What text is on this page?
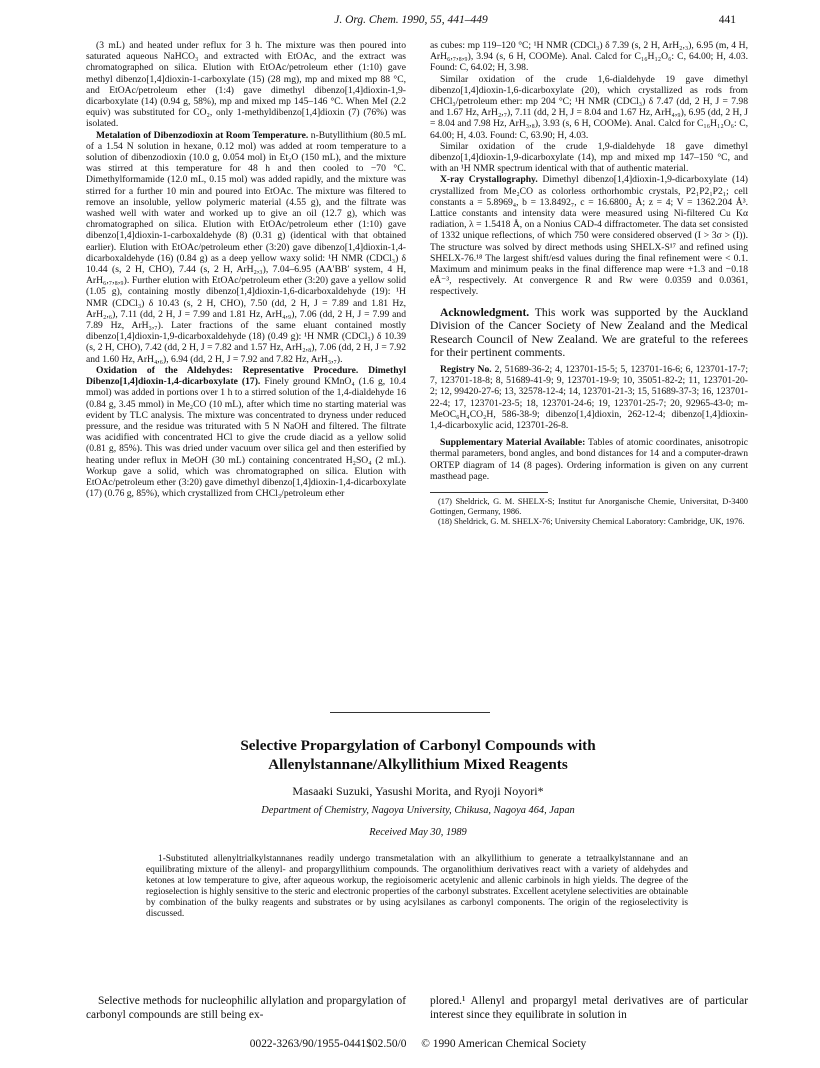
J. Org. Chem. 1990, 55, 441–449	441

(3 mL) and heated under reflux for 3 h. The mixture was then poured into saturated aqueous NaHCO₃ and extracted with EtOAc, and the extract was chromatographed on silica. Elution with EtOAc/petroleum ether (1:10) gave methyl dibenzo[1,4]dioxin-1-carboxylate (15) (28 mg), mp and mixed mp 88 °C, and EtOAc/petroleum ether (1:4) gave dimethyl dibenzo[1,4]dioxin-1,9-dicarboxylate (14) (0.94 g, 58%), mp and mixed mp 145–146 °C. When MeI (2.2 equiv) was substituted for CO₂, only 1-methyldibenzo[1,4]dioxin (7) (76%) was isolated.

Metalation of Dibenzodioxin at Room Temperature. n-Butyllithium (80.5 mL of a 1.54 N solution in hexane, 0.12 mol) was added at room temperature to a solution of dibenzodioxin (10.0 g, 0.054 mol) in Et₂O (150 mL), and the mixture was stirred at this temperature for 48 h and then cooled to −70 °C. Dimethylformamide (12.0 mL, 0.15 mol) was added rapidly, and the mixture was stirred for a further 10 min and poured into EtOAc. The mixture was filtered to remove an insoluble, yellow polymeric material (4.55 g), and the filtrate was washed well with water and worked up to give an oil (12.7 g), which was chromatographed on silica. Elution with EtOAc/petroleum ether (1:10) gave dibenzo[1,4]dioxin-1-carboxaldehyde (8) (0.31 g) (identical with that obtained earlier). Elution with EtOAc/petroleum ether (3:20) gave dibenzo[1,4]dioxin-1,4-dicarboxaldehyde (16) (0.84 g) as a deep yellow waxy solid: ¹H NMR (CDCl₃) δ 10.44 (s, 2 H, CHO), 7.44 (s, 2 H, ArH₂,₃), 7.04–6.95 (AA′BB′ system, 4 H, ArH₆,₇,₈,₉). Further elution with EtOAc/petroleum ether (3:20) gave a yellow solid (1.05 g), containing mostly dibenzo[1,4]dioxin-1,6-dicarboxaldehyde (19): ¹H NMR (CDCl₃) δ 10.43 (s, 2 H, CHO), 7.50 (dd, 2 H, J = 7.89 and 1.81 Hz, ArH₂,₆), 7.11 (dd, 2 H, J = 7.99 and 1.81 Hz, ArH₄,₉), 7.06 (dd, 2 H, J = 7.99 and 7.89 Hz, ArH₃,₇). Later fractions of the same eluant contained mostly dibenzo[1,4]dioxin-1,9-dicarboxaldehyde (18) (0.49 g): ¹H NMR (CDCl₃) δ 10.39 (s, 2 H, CHO), 7.42 (dd, 2 H, J = 7.82 and 1.57 Hz, ArH₂,₈), 7.06 (dd, 2 H, J = 7.92 and 1.60 Hz, ArH₄,₆), 6.94 (dd, 2 H, J = 7.92 and 7.82 Hz, ArH₃,₇).

Oxidation of the Aldehydes: Representative Procedure. Dimethyl Dibenzo[1,4]dioxin-1,4-dicarboxylate (17). Finely ground KMnO₄ (1.6 g, 10.4 mmol) was added in portions over 1 h to a stirred solution of the 1,4-dialdehyde 16 (0.84 g, 3.45 mmol) in Me₂CO (10 mL), after which time no starting material was evident by TLC analysis. The mixture was concentrated to dryness under reduced pressure, and the residue was triturated with 5 N NaOH and filtered. The filtrate was acidified with concentrated HCl to give the crude diacid as a yellow solid (0.81 g, 85%). This was dried under vacuum over silica gel and then esterified by heating under reflux in MeOH (30 mL) containing concentrated H₂SO₄ (2 mL). Workup gave a solid, which was chromatographed on silica. Elution with EtOAc/petroleum ether (3:20) gave dimethyl dibenzo[1,4]dioxin-1,4-dicarboxylate (17) (0.76 g, 85%), which crystallized from CHCl₃/petroleum ether

as cubes: mp 119–120 °C; ¹H NMR (CDCl₃) δ 7.39 (s, 2 H, ArH₂,₃), 6.95 (m, 4 H, ArH₆,₇,₈,₉), 3.94 (s, 6 H, COOMe). Anal. Calcd for C₁₆H₁₂O₆: C, 64.00; H, 4.03. Found: C, 64.02; H, 3.98.

Similar oxidation of the crude 1,6-dialdehyde 19 gave dimethyl dibenzo[1,4]dioxin-1,6-dicarboxylate (20), which crystallized as rods from CHCl₃/petroleum ether: mp 204 °C; ¹H NMR (CDCl₃) δ 7.47 (dd, 2 H, J = 7.98 and 1.67 Hz, ArH₂,₇), 7.11 (dd, 2 H, J = 8.04 and 1.67 Hz, ArH₄,₉), 6.95 (dd, 2 H, J = 8.04 and 7.98 Hz, ArH₃,₈), 3.93 (s, 6 H, COOMe). Anal. Calcd for C₁₆H₁₂O₆: C, 64.00; H, 4.03. Found: C, 63.90; H, 4.03.

Similar oxidation of the crude 1,9-dialdehyde 18 gave dimethyl dibenzo[1,4]dioxin-1,9-dicarboxylate (14), mp and mixed mp 147–150 °C, and with an ¹H NMR spectrum identical with that of authentic material.

X-ray Crystallography. Dimethyl dibenzo[1,4]dioxin-1,9-dicarboxylate (14) crystallized from Me₂CO as colorless orthorhombic crystals, P2₁P2₁P2₁; cell constants a = 5.8969₄, b = 13.8492₇, c = 16.6800₂ Å; z = 4; V = 1362.204 Å³. Lattice constants and intensity data were measured using Ni-filtered Cu Kα radiation, λ = 1.5418 Å, on a Nonius CAD-4 diffractometer. The data set consisted of 1332 unique reflections, of which 750 were considered observed (I > 3σ > (I)). The structure was solved by direct methods using SHELX-S¹⁷ and refined using SHELX-76.¹⁸ The largest shift/esd values during the final refinement were < 0.1. Maximum and minimum peaks in the final difference map were +1.3 and −0.18 eÅ⁻³, respectively. At convergence R and Rw were 0.0359 and 0.0361, respectively.

Acknowledgment. This work was supported by the Auckland Division of the Cancer Society of New Zealand and the Medical Research Council of New Zealand. We are grateful to the referees for their pertinent comments.

Registry No. 2, 51689-36-2; 4, 123701-15-5; 5, 123701-16-6; 6, 123701-17-7; 7, 123701-18-8; 8, 51689-41-9; 9, 123701-19-9; 10, 35051-82-2; 11, 123701-20-2; 12, 99420-27-6; 13, 32578-12-4; 14, 123701-21-3; 15, 51689-37-3; 16, 123701-22-4; 17, 123701-23-5; 18, 123701-24-6; 19, 123701-25-7; 20, 92965-43-0; m-MeOC₆H₄CO₂H, 586-38-9; dibenzo[1,4]dioxin, 262-12-4; dibenzo[1,4]dioxin-1,4-dicarboxylic acid, 123701-26-8.

Supplementary Material Available: Tables of atomic coordinates, anisotropic thermal parameters, bond angles, and bond distances for 14 and a computer-drawn ORTEP diagram of 14 (8 pages). Ordering information is given on any current masthead page.

(17) Sheldrick, G. M. SHELX-S; Institut fur Anorganische Chemie, Universitat, D-3400 Gottingen, Germany, 1986.

(18) Sheldrick, G. M. SHELX-76; University Chemical Laboratory: Cambridge, UK, 1976.

Selective Propargylation of Carbonyl Compounds with
Allenylstannane/Alkyllithium Mixed Reagents
Masaaki Suzuki, Yasushi Morita, and Ryoji Noyori*
Department of Chemistry, Nagoya University, Chikusa, Nagoya 464, Japan
Received May 30, 1989
1-Substituted allenyltrialkylstannanes readily undergo transmetalation with an alkyllithium to generate a tetraalkylstannane and an equilibrating mixture of the allenyl- and propargyllithium compounds. The organolithium derivatives react with a variety of aldehydes and ketones at low temperature to give, after aqueous workup, the regioisomeric acetylenic and allenic carbinols in high yields. The degree of the regioselection is highly sensitive to the steric and electronic properties of the carbonyl substrates. Excellent acetylene selectivities are obtainable by combination of the bulky reagents and substrates or by using acylsilanes as carbonyl components. The origin of the regioselectivity is discussed.
Selective methods for nucleophilic allylation and propargylation of carbonyl compounds are still being ex-
plored.¹ Allenyl and propargyl metal derivatives are of particular interest since they equilibrate in solution in
0022-3263/90/1955-0441$02.50/0 © 1990 American Chemical Society
